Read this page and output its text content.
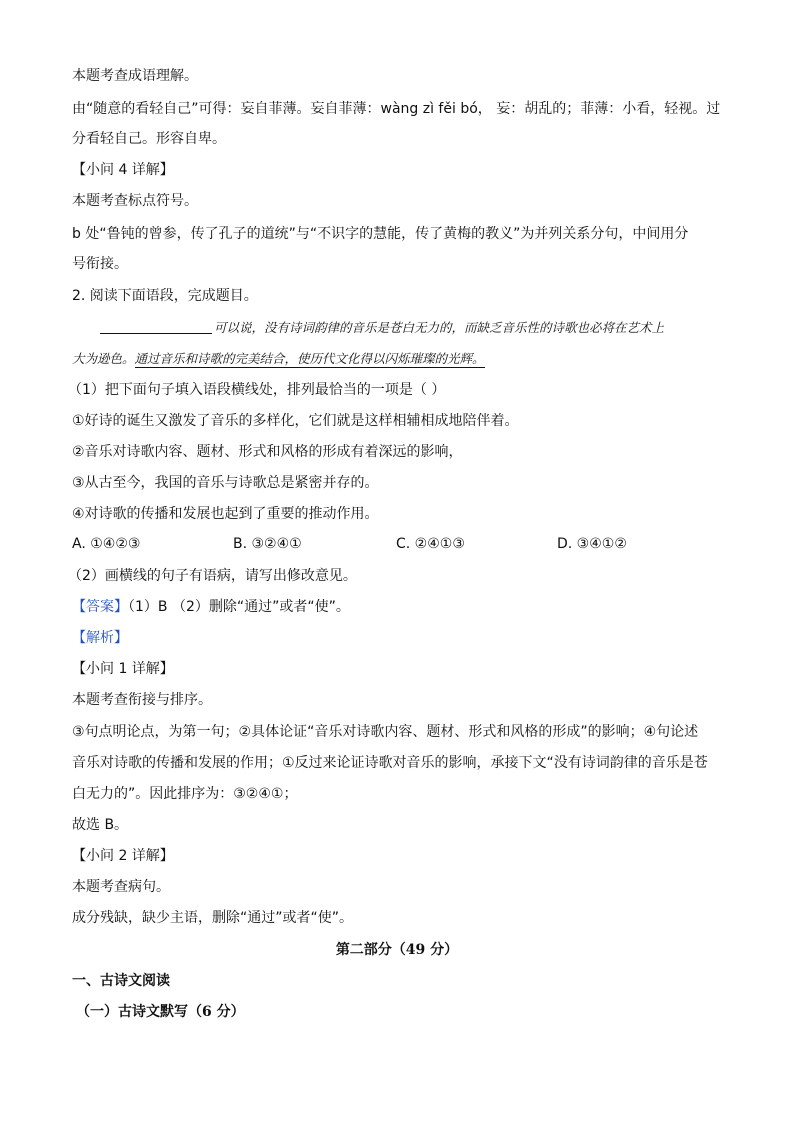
本题考查成语理解。
由“随意的看轻自己”可得：妄自菲薄。妄自菲薄：wàng zì fěi bó， 妄：胡乱的；菲薄：小看，轻视。过
分看轻自己。形容自卑。
【小问 4 详解】
本题考查标点符号。
b 处“鲁钝的曾参，传了孔子的道统”与“不识字的慧能，传了黄梅的教义”为并列关系分句，中间用分
号衔接。
2. 阅读下面语段，完成题目。
可以说，没有诗词韵律的音乐是苍白无力的，而缺乏音乐性的诗歌也必将在艺术上
大为逊色。通过音乐和诗歌的完美结合，使历代文化得以闪烁璀璨的光辉。
（1）把下面句子填入语段横线处，排列最恰当的一项是（ ）
①好诗的诞生又激发了音乐的多样化，它们就是这样相辅相成地陪伴着。
②音乐对诗歌内容、题材、形式和风格的形成有着深远的影响，
③从古至今，我国的音乐与诗歌总是紧密并存的。
④对诗歌的传播和发展也起到了重要的推动作用。
A. ①④②③	B. ③②④①	C. ②④①③	D. ③④①②
（2）画横线的句子有语病，请写出修改意见。
【答案】（1）B （2）删除“通过”或者“使”。
【解析】
【小问 1 详解】
本题考查衔接与排序。
③句点明论点，为第一句；②具体论证“音乐对诗歌内容、题材、形式和风格的形成”的影响；④句论述
音乐对诗歌的传播和发展的作用；①反过来论证诗歌对音乐的影响，承接下文“没有诗词韵律的音乐是苍
白无力的”。因此排序为：③②④①；
故选 B。
【小问 2 详解】
本题考查病句。
成分残缺，缺少主语，删除“通过”或者“使”。
第二部分（49 分）
一、古诗文阅读
（一）古诗文默写（6 分）
